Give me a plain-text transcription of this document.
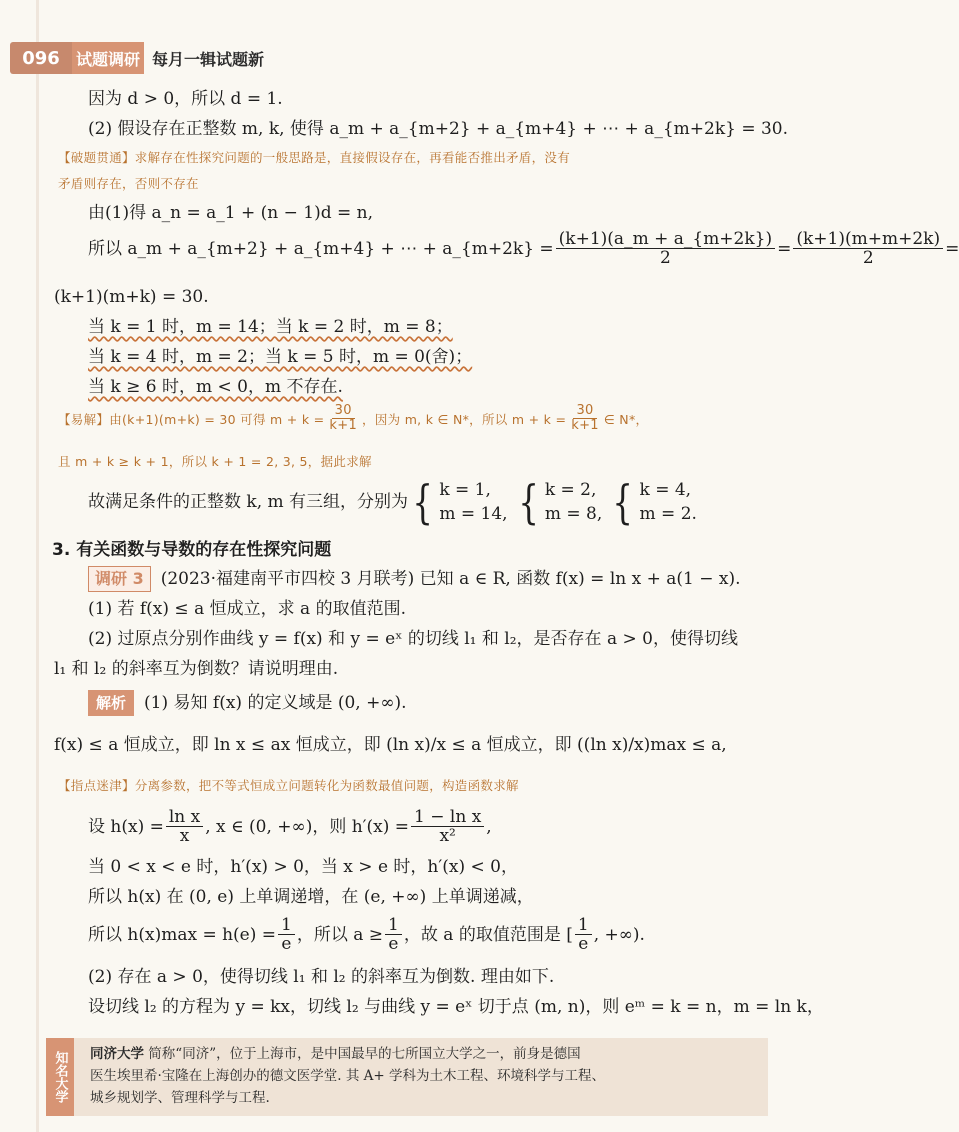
096	试题调研 每月一辑试题新
因为 d > 0，所以 d = 1.
(2) 假设存在正整数 m, k, 使得 a_m + a_{m+2} + a_{m+4} + ⋯ + a_{m+2k} = 30.
【破题贯通】求解存在性探究问题的一般思路是，直接假设存在，再看能否推出矛盾，没有
矛盾则存在，否则不存在
由(1)得 a_n = a_1 + (n − 1)d = n,
所以 a_m + a_{m+2} + a_{m+4} + ⋯ + a_{m+2k} = $\frac{(k+1)(a\_m + a\_\{m+2k\})}{2} = \frac{(k+1)(m+m+2k)}{2}$ =
(k+1)(m+k) = 30.
当 k = 1 时，m = 14；当 k = 2 时，m = 8；
当 k = 4 时，m = 2；当 k = 5 时，m = 0(舍)；
当 k ≥ 6 时，m < 0，m 不存在.
【易解】由(k+1)(m+k) = 30 可得 $m + k = \frac{30}{k+1}$ ，因为 m, k ∈ N*，所以 $m + k = \frac{30}{k+1}$ ∈ N*，
且 m + k ≥ k + 1，所以 k + 1 = 2, 3, 5，据此求解
故满足条件的正整数 k, m 有三组，分别为 { k = 1,
m = 14, { k = 2,
m = 8, { k = 4,
m = 2.
3. 有关函数与导数的存在性探究问题
调研 3	(2023·福建南平市四校 3 月联考) 已知 a ∈ R, 函数 f(x) = ln x + a(1 − x).
(1) 若 f(x) ≤ a 恒成立，求 a 的取值范围.
(2) 过原点分别作曲线 y = f(x) 和 y = eˣ 的切线 l₁ 和 l₂，是否存在 a > 0，使得切线
l₁ 和 l₂ 的斜率互为倒数？请说明理由.
解析	(1) 易知 f(x) 的定义域是 (0, +∞).
f(x) ≤ a 恒成立，即 ln x ≤ ax 恒成立，即 (ln x)/x ≤ a 恒成立，即 ((ln x)/x)max ≤ a,
【指点迷津】分离参数，把不等式恒成立问题转化为函数最值问题，构造函数求解
设 $h(x) = \frac{\text{ln x}}{x}$ , x ∈ (0, +∞)，则 $h'(x) = \frac{\text{1 − ln x}}{\text{x²}}$ ,
当 0 < x < e 时，h′(x) > 0，当 x > e 时，h′(x) < 0，
所以 h(x) 在 (0, e) 上单调递增，在 (e, +∞) 上单调递减，
所以 $h(x)\max = h(e) = \frac{1}{e}$ ，所以 $a \ge \frac{1}{e}$ ，故 a 的取值范围是 [ $\frac{1}{e}$ , +∞).
(2) 存在 a > 0，使得切线 l₁ 和 l₂ 的斜率互为倒数. 理由如下.
设切线 l₂ 的方程为 y = kx，切线 l₂ 与曲线 y = eˣ 切于点 (m, n)，则 eᵐ = k = n，m = ln k，
知名大学	同济大学 简称“同济”，位于上海市，是中国最早的七所国立大学之一，前身是德国
医生埃里希·宝隆在上海创办的德文医学堂. 其 A+ 学科为土木工程、环境科学与工程、
城乡规划学、管理科学与工程.
